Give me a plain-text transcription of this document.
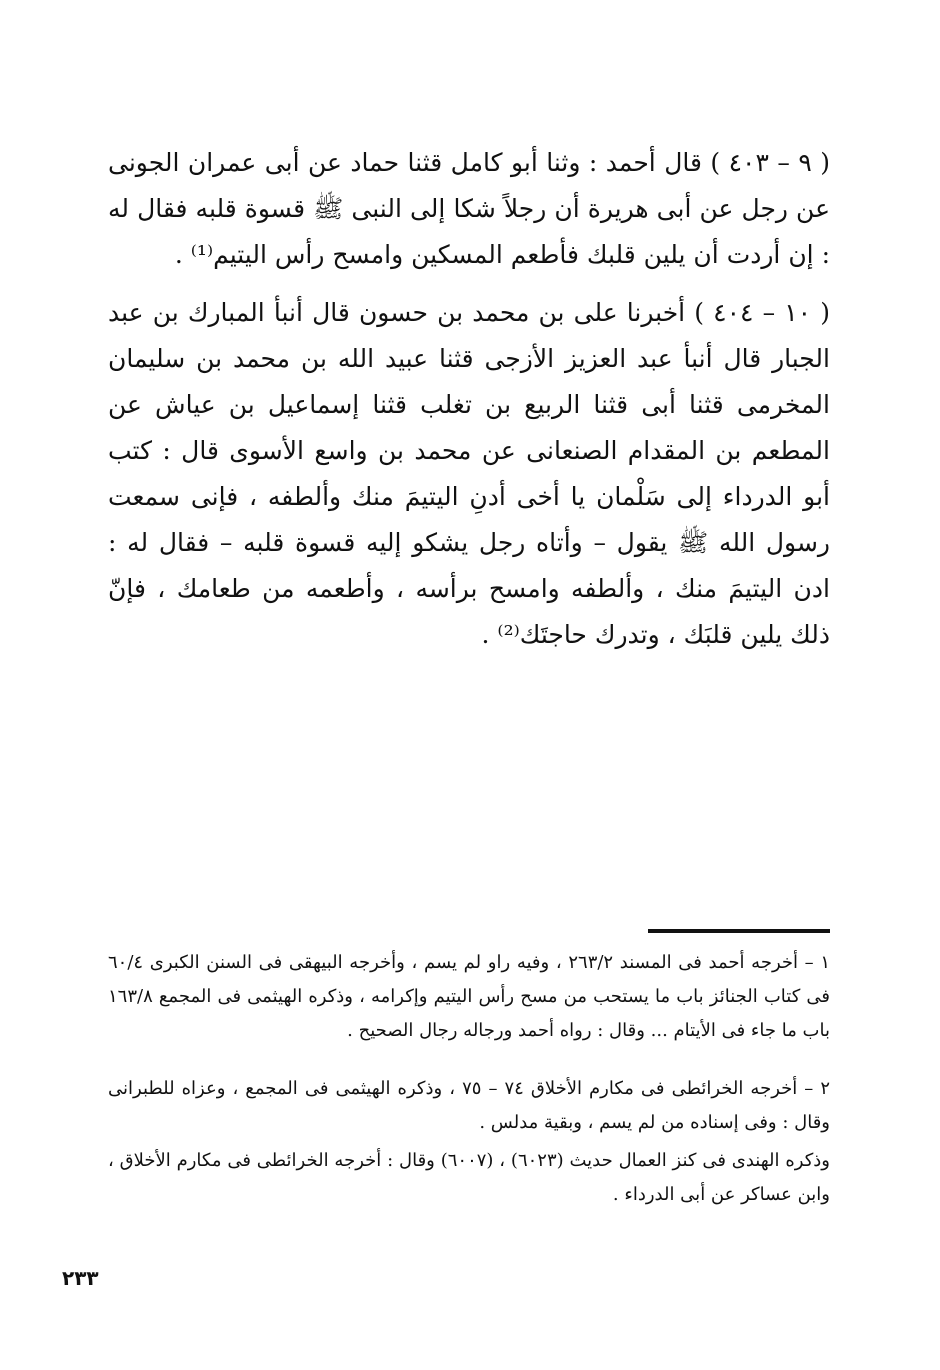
( ٩ – ٤٠٣ ) قال أحمد : وثنا أبو كامل قثنا حماد عن أبى عمران الجونى عن رجل عن أبى هريرة أن رجلاً شكا إلى النبى ﷺ قسوة قلبه فقال له : إن أردت أن يلين قلبك فأطعم المسكين وامسح رأس اليتيم⁽¹⁾ .

( ١٠ – ٤٠٤ ) أخبرنا على بن محمد بن حسون قال أنبأ المبارك بن عبد الجبار قال أنبأ عبد العزيز الأزجى قثنا عبيد الله بن محمد بن سليمان المخرمى قثنا أبى قثنا الربيع بن تغلب قثنا إسماعيل بن عياش عن المطعم بن المقدام الصنعانى عن محمد بن واسع الأسوى قال : كتب أبو الدرداء إلى سَلْمان يا أخى أدنِ اليتيمَ منك وألطفه ، فإنى سمعت رسول الله ﷺ يقول – وأتاه رجل يشكو إليه قسوة قلبه – فقال له : ادن اليتيمَ منك ، وألطفه وامسح برأسه ، وأطعمه من طعامك ، فإنّ ذلك يلين قلبَك ، وتدرك حاجتَك⁽²⁾ .

١ – أخرجه أحمد فى المسند ٢٦٣/٢ ، وفيه راو لم يسم ، وأخرجه البيهقى فى السنن الكبرى ٦٠/٤ فى كتاب الجنائز باب ما يستحب من مسح رأس اليتيم وإكرامه ، وذكره الهيثمى فى المجمع ١٦٣/٨ باب ما جاء فى الأيتام ... وقال : رواه أحمد ورجاله رجال الصحيح .

٢ – أخرجه الخرائطى فى مكارم الأخلاق ٧٤ – ٧٥ ، وذكره الهيثمى فى المجمع ، وعزاه للطبرانى وقال : وفى إسناده من لم يسم ، وبقية مدلس .

وذكره الهندى فى كنز العمال حديث (٦٠٢٣) ، (٦٠٠٧) وقال : أخرجه الخرائطى فى مكارم الأخلاق ، وابن عساكر عن أبى الدرداء .

٢٣٣
